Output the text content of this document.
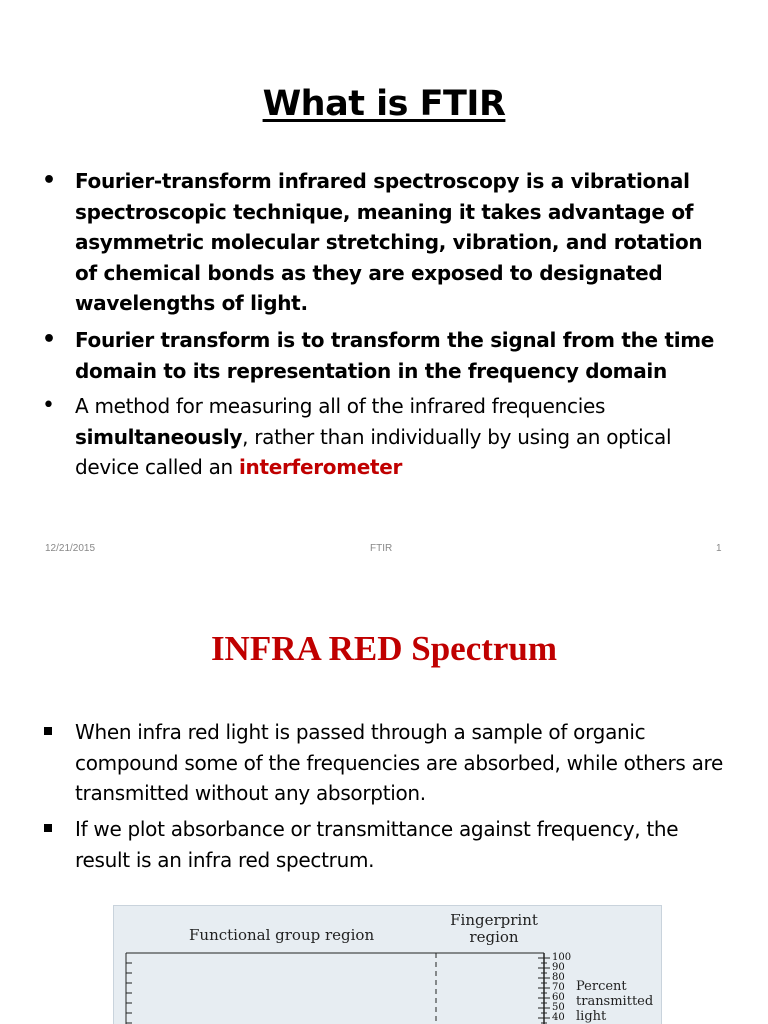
What is FTIR
• Fourier-transform infrared spectroscopy is a vibrational spectroscopic technique, meaning it takes advantage of asymmetric molecular stretching, vibration, and rotation of chemical bonds as they are exposed to designated wavelengths of light.
• Fourier transform is to transform the signal from the time domain to its representation in the frequency domain
• A method for measuring all of the infrared frequencies simultaneously, rather than individually by using an optical device called an interferometer
12/21/2015	FTIR	1
INFRA RED Spectrum
When infra red light is passed through a sample of organic compound some of the frequencies are absorbed, while others are transmitted without any absorption.
If we plot absorbance or transmittance against frequency, the result is an infra red spectrum.
Functional group region
Fingerprint region
100
90
80
70
60
50
40
Percent transmitted light
